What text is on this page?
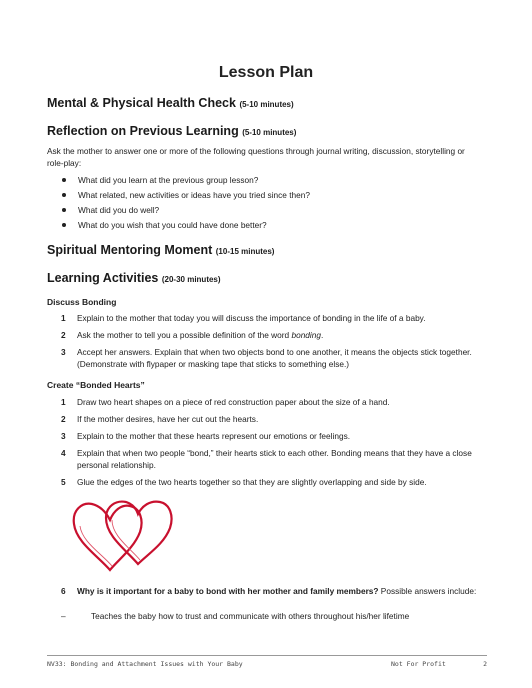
Lesson Plan
Mental & Physical Health Check (5-10 minutes)
Reflection on Previous Learning (5-10 minutes)
Ask the mother to answer one or more of the following questions through journal writing, discussion, storytelling or role-play:
What did you learn at the previous group lesson?
What related, new activities or ideas have you tried since then?
What did you do well?
What do you wish that you could have done better?
Spiritual Mentoring Moment (10-15 minutes)
Learning Activities (20-30 minutes)
Discuss Bonding
1 Explain to the mother that today you will discuss the importance of bonding in the life of a baby.
2 Ask the mother to tell you a possible definition of the word bonding.
3 Accept her answers. Explain that when two objects bond to one another, it means the objects stick together. (Demonstrate with flypaper or masking tape that sticks to something else.)
Create “Bonded Hearts”
1 Draw two heart shapes on a piece of red construction paper about the size of a hand.
2 If the mother desires, have her cut out the hearts.
3 Explain to the mother that these hearts represent our emotions or feelings.
4 Explain that when two people “bond,” their hearts stick to each other. Bonding means that they have a close personal relationship.
5 Glue the edges of the two hearts together so that they are slightly overlapping and side by side.
6 Why is it important for a baby to bond with her mother and family members? Possible answers include:
–	Teaches the baby how to trust and communicate with others throughout his/her lifetime
NV33: Bonding and Attachment Issues with Your Baby	Not For Profit	2
